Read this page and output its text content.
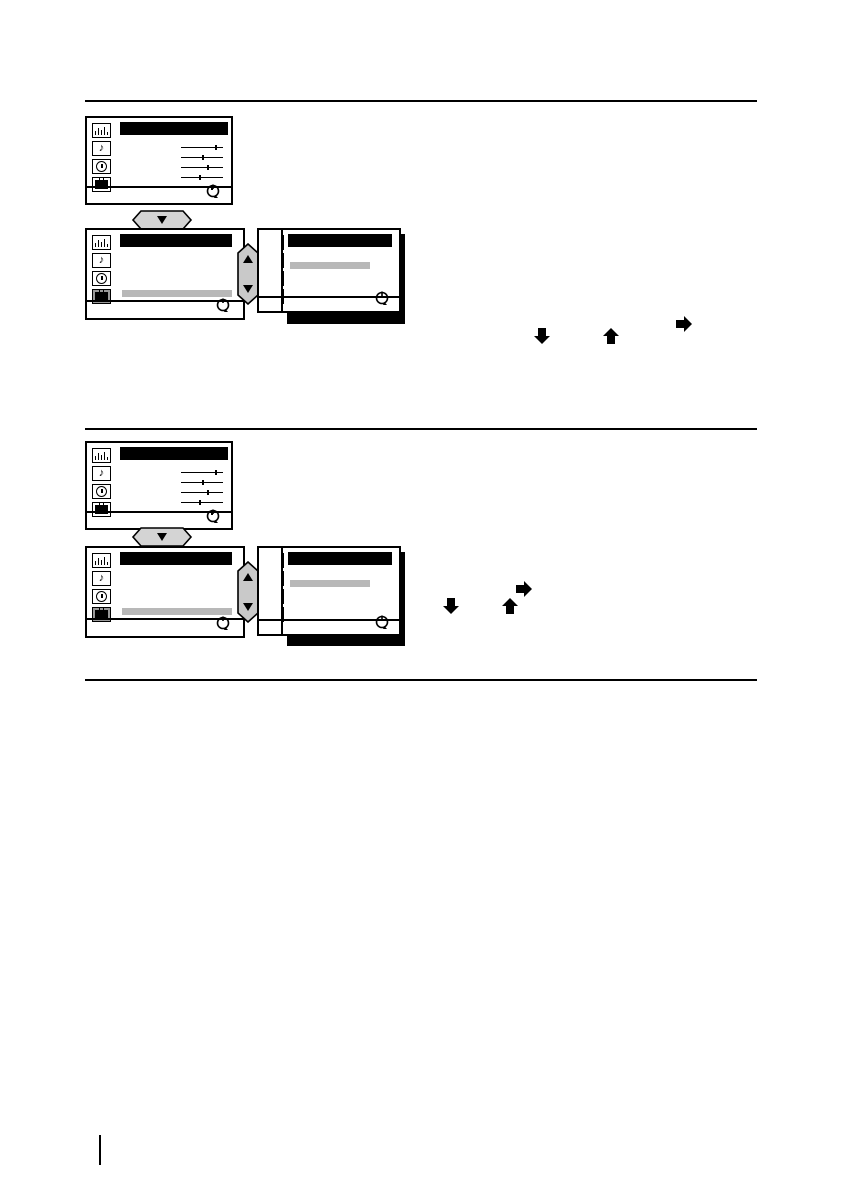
♪
♪
♪
♪
